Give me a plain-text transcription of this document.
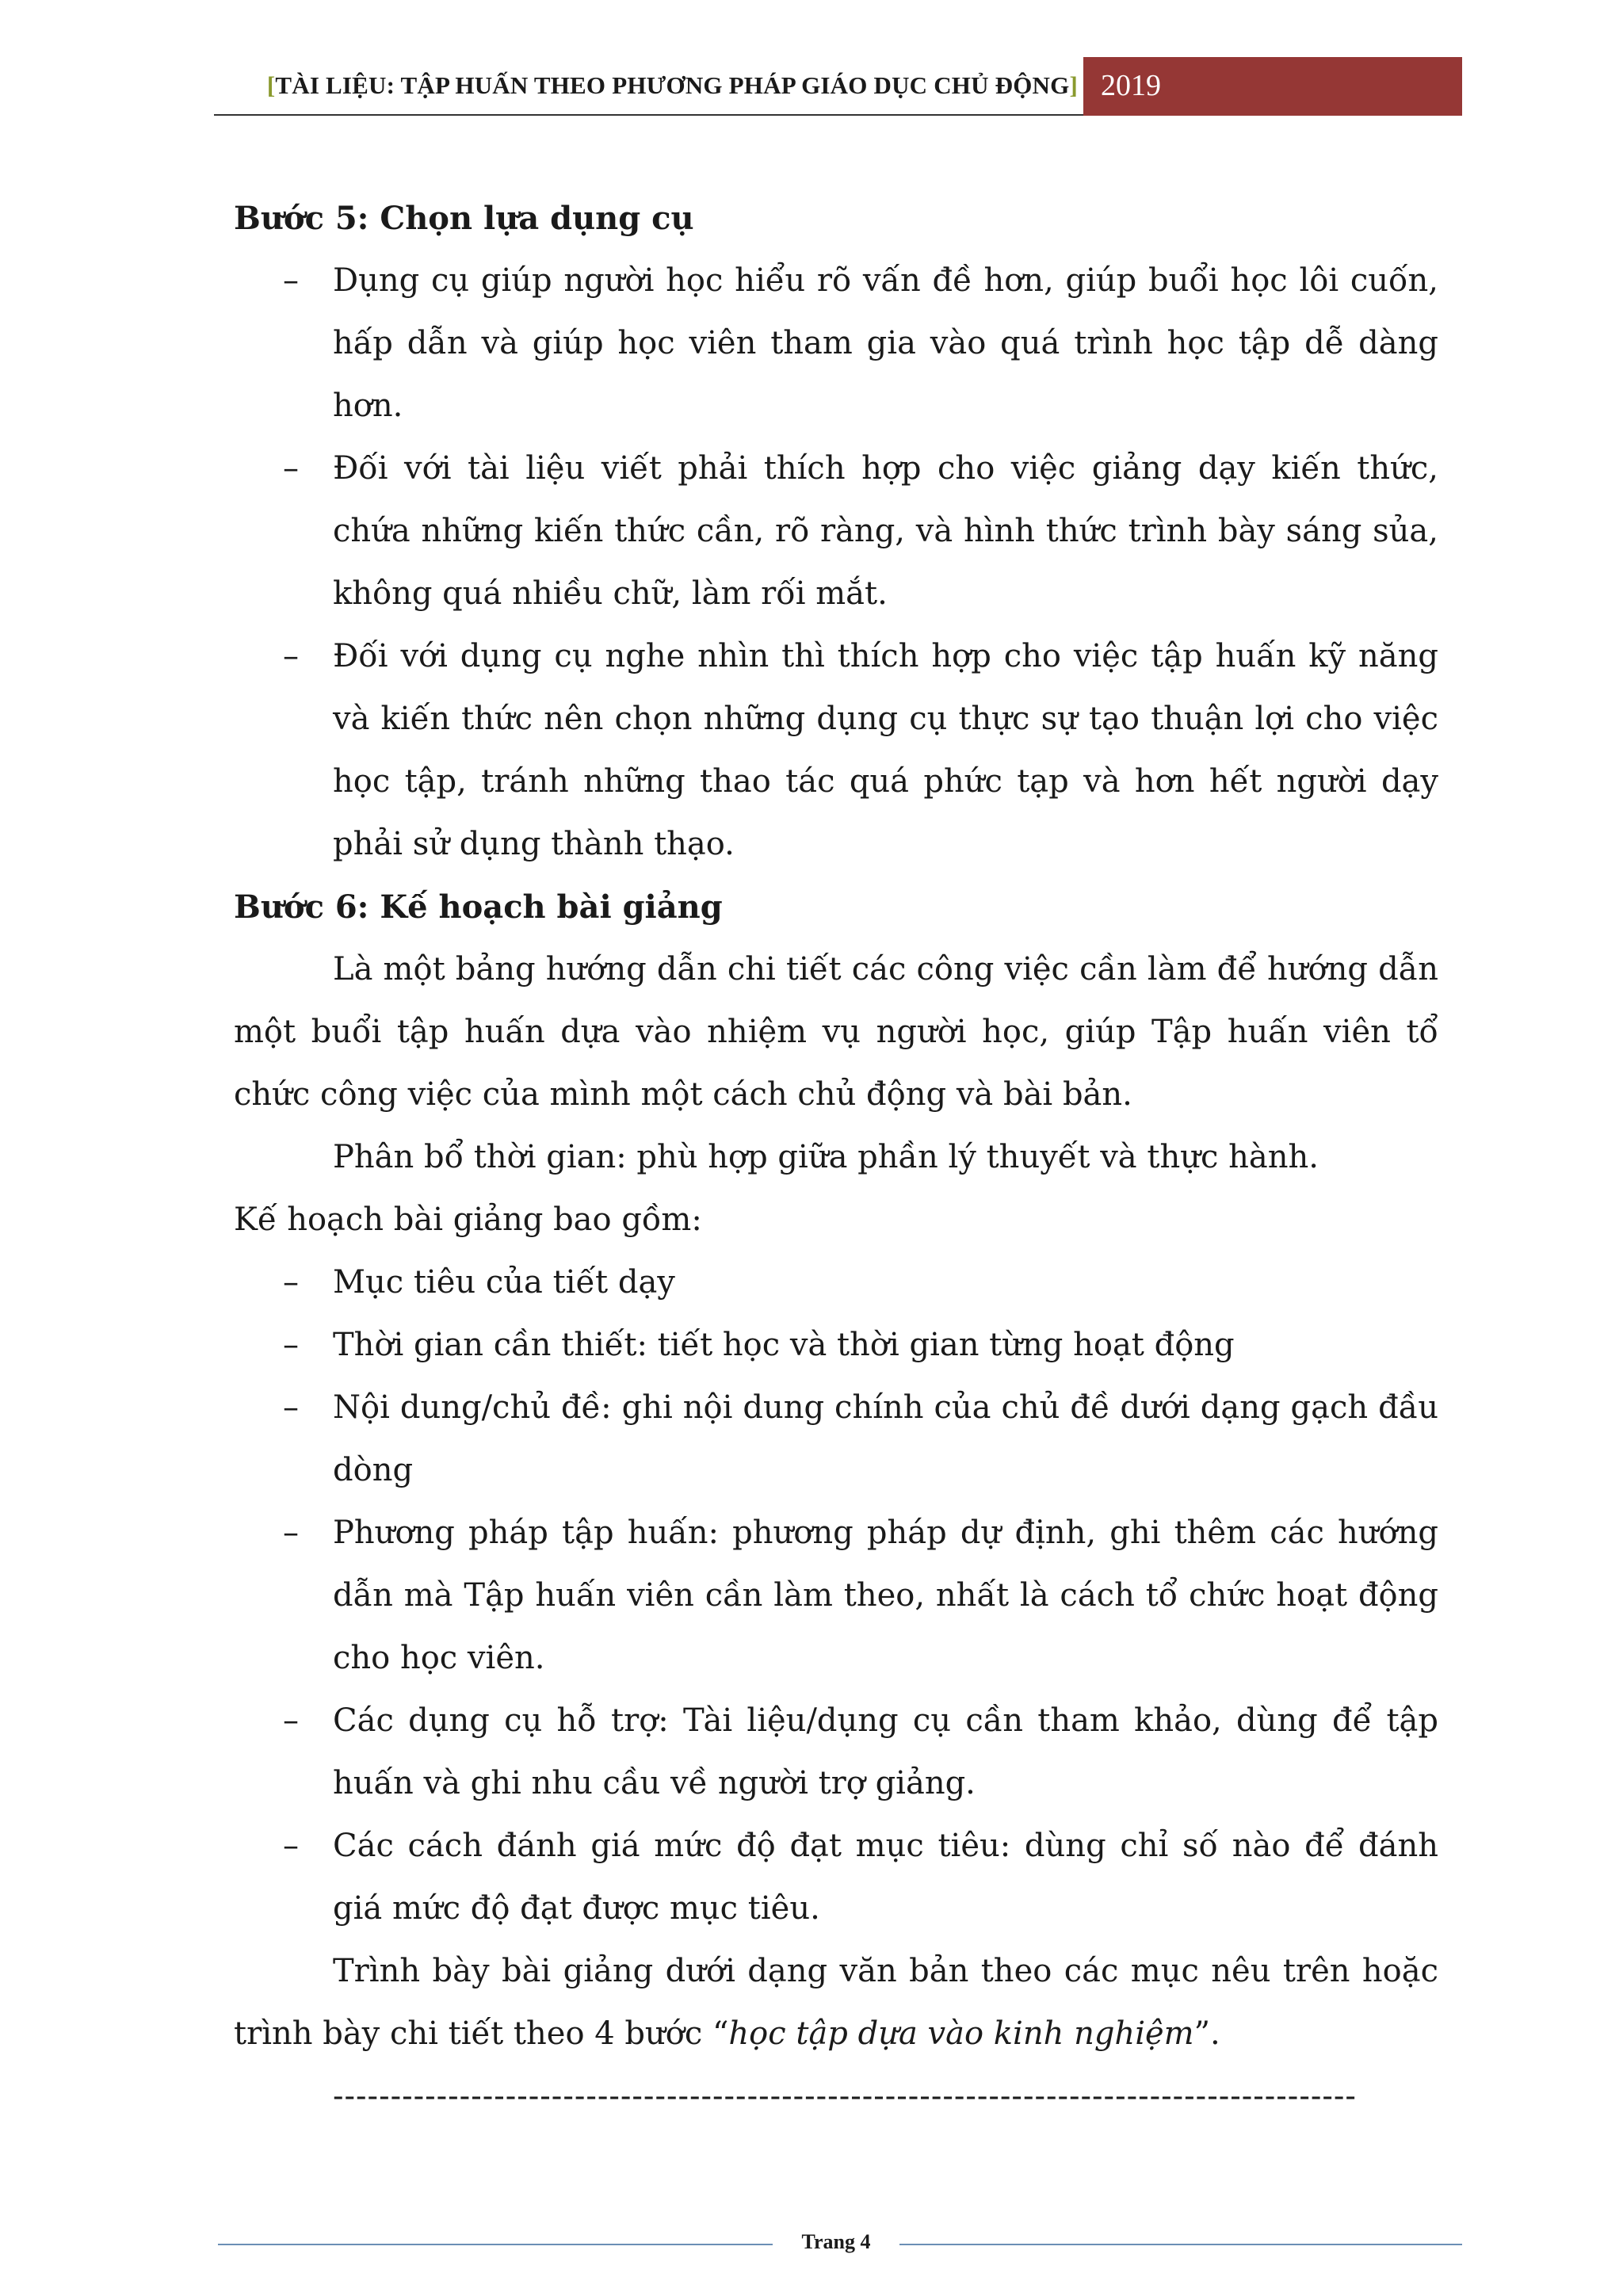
[TÀI LIỆU: TẬP HUẤN THEO PHƯƠNG PHÁP GIÁO DỤC CHỦ ĐỘNG] 2019

Bước 5: Chọn lựa dụng cụ

– Dụng cụ giúp người học hiểu rõ vấn đề hơn, giúp buổi học lôi cuốn, hấp dẫn và giúp học viên tham gia vào quá trình học tập dễ dàng hơn.

– Đối với tài liệu viết phải thích hợp cho việc giảng dạy kiến thức, chứa những kiến thức cần, rõ ràng, và hình thức trình bày sáng sủa, không quá nhiều chữ, làm rối mắt.

– Đối với dụng cụ nghe nhìn thì thích hợp cho việc tập huấn kỹ năng và kiến thức nên chọn những dụng cụ thực sự tạo thuận lợi cho việc học tập, tránh những thao tác quá phức tạp và hơn hết người dạy phải sử dụng thành thạo.

Bước 6: Kế hoạch bài giảng

Là một bảng hướng dẫn chi tiết các công việc cần làm để hướng dẫn một buổi tập huấn dựa vào nhiệm vụ người học, giúp Tập huấn viên tổ chức công việc của mình một cách chủ động và bài bản.

Phân bổ thời gian: phù hợp giữa phần lý thuyết và thực hành.

Kế hoạch bài giảng bao gồm:

– Mục tiêu của tiết dạy

– Thời gian cần thiết: tiết học và thời gian từng hoạt động

– Nội dung/chủ đề: ghi nội dung chính của chủ đề dưới dạng gạch đầu dòng

– Phương pháp tập huấn: phương pháp dự định, ghi thêm các hướng dẫn mà Tập huấn viên cần làm theo, nhất là cách tổ chức hoạt động cho học viên.

– Các dụng cụ hỗ trợ: Tài liệu/dụng cụ cần tham khảo, dùng để tập huấn và ghi nhu cầu về người trợ giảng.

– Các cách đánh giá mức độ đạt mục tiêu: dùng chỉ số nào để đánh giá mức độ đạt được mục tiêu.

Trình bày bài giảng dưới dạng văn bản theo các mục nêu trên hoặc trình bày chi tiết theo 4 bước “học tập dựa vào kinh nghiệm”.

-----------------------------------------------------------------------------------------

Trang 4
